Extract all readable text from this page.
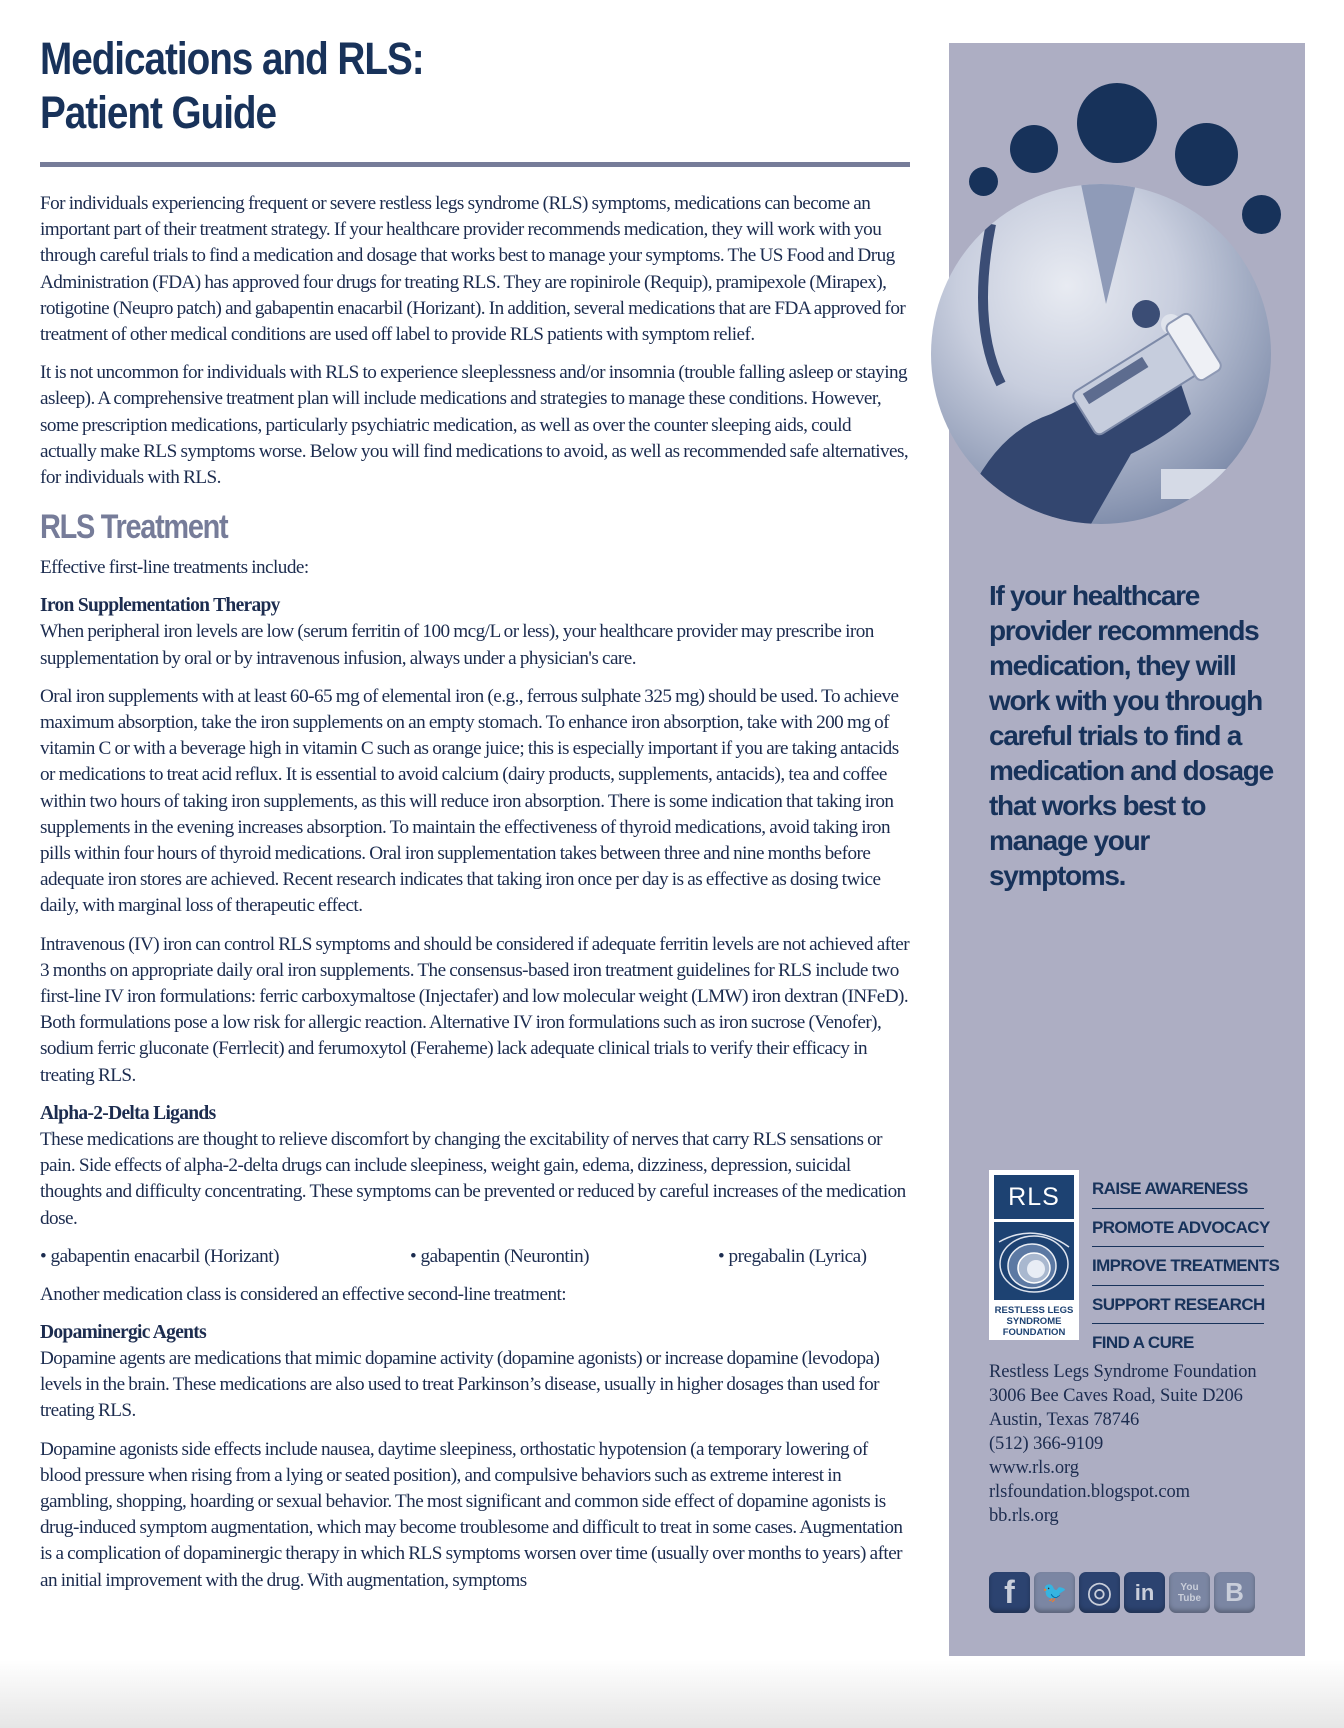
Medications and RLS:
Patient Guide

For individuals experiencing frequent or severe restless legs syndrome (RLS) symptoms, medications can become an important part of their treatment strategy. If your healthcare provider recommends medication, they will work with you through careful trials to find a medication and dosage that works best to manage your symptoms. The US Food and Drug Administration (FDA) has approved four drugs for treating RLS. They are ropinirole (Requip), pramipexole (Mirapex), rotigotine (Neupro patch) and gabapentin enacarbil (Horizant). In addition, several medications that are FDA approved for treatment of other medical conditions are used off label to provide RLS patients with symptom relief.

It is not uncommon for individuals with RLS to experience sleeplessness and/or insomnia (trouble falling asleep or staying asleep). A comprehensive treatment plan will include medications and strategies to manage these conditions. However, some prescription medications, particularly psychiatric medication, as well as over the counter sleeping aids, could actually make RLS symptoms worse. Below you will find medications to avoid, as well as recommended safe alternatives, for individuals with RLS.

RLS Treatment

Effective first-line treatments include:

Iron Supplementation Therapy

When peripheral iron levels are low (serum ferritin of 100 mcg/L or less), your healthcare provider may prescribe iron supplementation by oral or by intravenous infusion, always under a physician's care.

Oral iron supplements with at least 60-65 mg of elemental iron (e.g., ferrous sulphate 325 mg) should be used. To achieve maximum absorption, take the iron supplements on an empty stomach. To enhance iron absorption, take with 200 mg of vitamin C or with a beverage high in vitamin C such as orange juice; this is especially important if you are taking antacids or medications to treat acid reflux. It is essential to avoid calcium (dairy products, supplements, antacids), tea and coffee within two hours of taking iron supplements, as this will reduce iron absorption. There is some indication that taking iron supplements in the evening increases absorption. To maintain the effectiveness of thyroid medications, avoid taking iron pills within four hours of thyroid medications. Oral iron supplementation takes between three and nine months before adequate iron stores are achieved. Recent research indicates that taking iron once per day is as effective as dosing twice daily, with marginal loss of therapeutic effect.

Intravenous (IV) iron can control RLS symptoms and should be considered if adequate ferritin levels are not achieved after 3 months on appropriate daily oral iron supplements. The consensus-based iron treatment guidelines for RLS include two first-line IV iron formulations: ferric carboxymaltose (Injectafer) and low molecular weight (LMW) iron dextran (INFeD). Both formulations pose a low risk for allergic reaction. Alternative IV iron formulations such as iron sucrose (Venofer), sodium ferric gluconate (Ferrlecit) and ferumoxytol (Feraheme) lack adequate clinical trials to verify their efficacy in treating RLS.

Alpha-2-Delta Ligands

These medications are thought to relieve discomfort by changing the excitability of nerves that carry RLS sensations or pain. Side effects of alpha-2-delta drugs can include sleepiness, weight gain, edema, dizziness, depression, suicidal thoughts and difficulty concentrating. These symptoms can be prevented or reduced by careful increases of the medication dose.

• gabapentin enacarbil (Horizant)	• gabapentin (Neurontin)	• pregabalin (Lyrica)

Another medication class is considered an effective second-line treatment:

Dopaminergic Agents

Dopamine agents are medications that mimic dopamine activity (dopamine agonists) or increase dopamine (levodopa) levels in the brain. These medications are also used to treat Parkinson’s disease, usually in higher dosages than used for treating RLS.

Dopamine agonists side effects include nausea, daytime sleepiness, orthostatic hypotension (a temporary lowering of blood pressure when rising from a lying or seated position), and compulsive behaviors such as extreme interest in gambling, shopping, hoarding or sexual behavior. The most significant and common side effect of dopamine agonists is drug-induced symptom augmentation, which may become troublesome and difficult to treat in some cases. Augmentation is a complication of dopaminergic therapy in which RLS symptoms worsen over time (usually over months to years) after an initial improvement with the drug. With augmentation, symptoms

If your healthcare provider recommends medication, they will work with you through careful trials to find a medication and dosage that works best to manage your symptoms.
RLS
RESTLESS LEGS
SYNDROME
FOUNDATION
RAISE AWARENESS
PROMOTE ADVOCACY
IMPROVE TREATMENTS
SUPPORT RESEARCH
FIND A CURE
Restless Legs Syndrome Foundation
3006 Bee Caves Road, Suite D206
Austin, Texas 78746
(512) 366-9109
www.rls.org
rlsfoundation.blogspot.com
bb.rls.org
f	🐦 ◎	in	You Tube B
